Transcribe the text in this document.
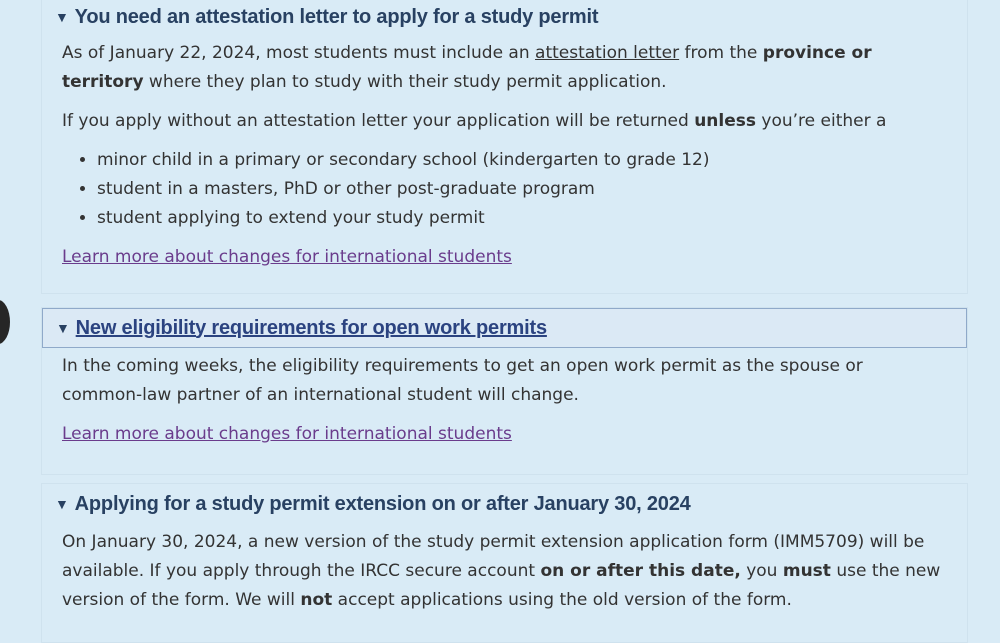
▼ You need an attestation letter to apply for a study permit

As of January 22, 2024, most students must include an attestation letter from the province or territory where they plan to study with their study permit application.

If you apply without an attestation letter your application will be returned unless you’re either a

• minor child in a primary or secondary school (kindergarten to grade 12)
• student in a masters, PhD or other post-graduate program
• student applying to extend your study permit
Learn more about changes for international students
▼ New eligibility requirements for open work permits

In the coming weeks, the eligibility requirements to get an open work permit as the spouse or common-law partner of an international student will change.

Learn more about changes for international students
▼ Applying for a study permit extension on or after January 30, 2024

On January 30, 2024, a new version of the study permit extension application form (IMM5709) will be available. If you apply through the IRCC secure account on or after this date, you must use the new version of the form. We will not accept applications using the old version of the form.
